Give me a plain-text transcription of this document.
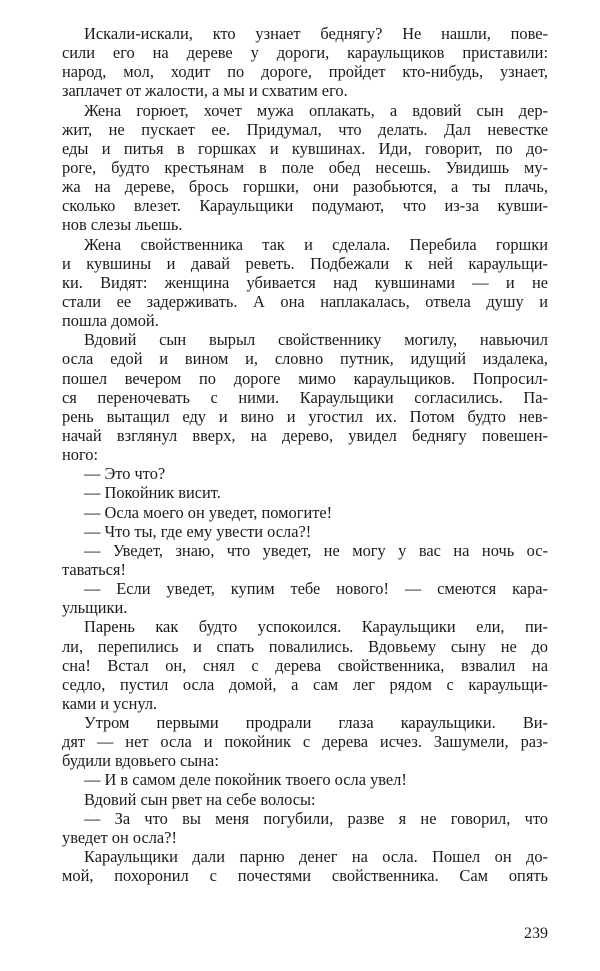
Искали-искали, кто узнает беднягу? Не нашли, пове-
сили его на дереве у дороги, караульщиков приставили:
народ, мол, ходит по дороге, пройдет кто-нибудь, узнает,
заплачет от жалости, а мы и схватим его.
Жена горюет, хочет мужа оплакать, а вдовий сын дер-
жит, не пускает ее. Придумал, что делать. Дал невестке
еды и питья в горшках и кувшинах. Иди, говорит, по до-
роге, будто крестьянам в поле обед несешь. Увидишь му-
жа на дереве, брось горшки, они разобьются, а ты плачь,
сколько влезет. Караульщики подумают, что из-за кувши-
нов слезы льешь.
Жена свойственника так и сделала. Перебила горшки
и кувшины и давай реветь. Подбежали к ней караульщи-
ки. Видят: женщина убивается над кувшинами — и не
стали ее задерживать. А она наплакалась, отвела душу и
пошла домой.
Вдовий сын вырыл свойственнику могилу, навьючил
осла едой и вином и, словно путник, идущий издалека,
пошел вечером по дороге мимо караульщиков. Попросил-
ся переночевать с ними. Караульщики согласились. Па-
рень вытащил еду и вино и угостил их. Потом будто нев-
начай взглянул вверх, на дерево, увидел беднягу повешен-
ного:
— Это что?
— Покойник висит.
— Осла моего он уведет, помогите!
— Что ты, где ему увести осла?!
— Уведет, знаю, что уведет, не могу у вас на ночь ос-
таваться!
— Если уведет, купим тебе нового! — смеются кара-
ульщики.
Парень как будто успокоился. Караульщики ели, пи-
ли, перепились и спать повалились. Вдовьему сыну не до
сна! Встал он, снял с дерева свойственника, взвалил на
седло, пустил осла домой, а сам лег рядом с караульщи-
ками и уснул.
Утром первыми продрали глаза караульщики. Ви-
дят — нет осла и покойник с дерева исчез. Зашумели, раз-
будили вдовьего сына:
— И в самом деле покойник твоего осла увел!
Вдовий сын рвет на себе волосы:
— За что вы меня погубили, разве я не говорил, что
уведет он осла?!
Караульщики дали парню денег на осла. Пошел он до-
мой, похоронил с почестями свойственника. Сам опять
239
